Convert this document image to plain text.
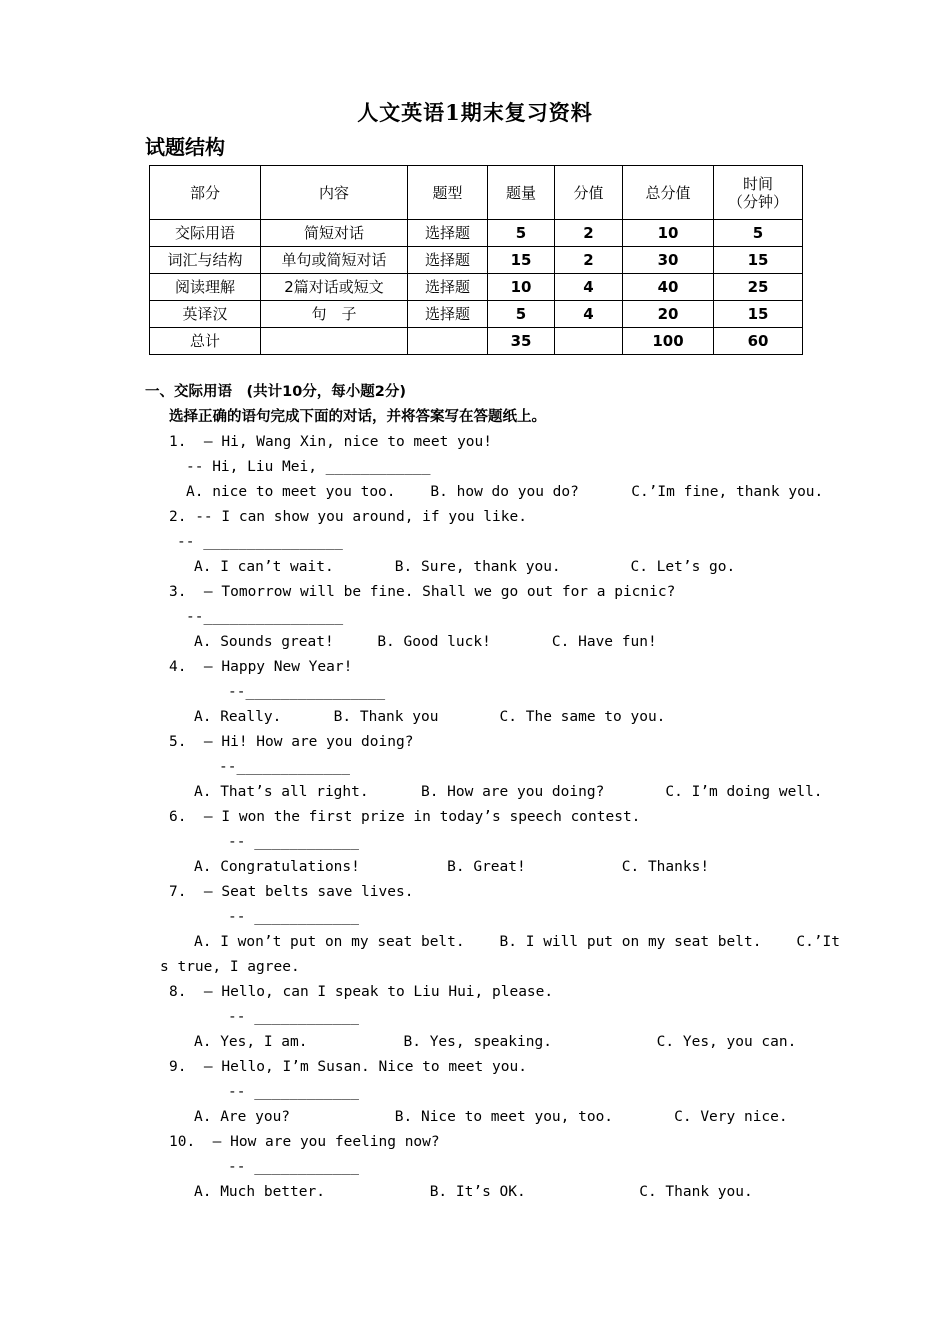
人文英语1期末复习资料
试题结构
部分	内容	题型	题量	分值	总分值	时间
（分钟）
交际用语	简短对话	选择题	5	2	10	5
词汇与结构	单句或简短对话	选择题	15	2	30	15
阅读理解	2篇对话或短文	选择题	10	4	40	25
英译汉	句　子	选择题	5	4	20	15
总计			35		100	60
一、交际用语　(共计10分，每小题2分)
选择正确的语句完成下面的对话，并将答案写在答题纸上。
1.  – Hi, Wang Xin, nice to meet you!
-- Hi, Liu Mei, ____________
A. nice to meet you too.    B. how do you do?      C.’Im fine, thank you.
2. -- I can show you around, if you like.
-- ________________
A. I can’t wait.       B. Sure, thank you.        C. Let’s go.
3.  – Tomorrow will be fine. Shall we go out for a picnic?
--________________
A. Sounds great!     B. Good luck!       C. Have fun!
4.  – Happy New Year!
--________________
A. Really.      B. Thank you       C. The same to you.
5.  – Hi! How are you doing?
--_____________
A. That’s all right.      B. How are you doing?       C. I’m doing well.
6.  – I won the first prize in today’s speech contest.
-- ____________
A. Congratulations!          B. Great!           C. Thanks!
7.  – Seat belts save lives.
-- ____________
A. I won’t put on my seat belt.    B. I will put on my seat belt.    C.’It
s true, I agree.
8.  – Hello, can I speak to Liu Hui, please.
-- ____________
A. Yes, I am.           B. Yes, speaking.            C. Yes, you can.
9.  – Hello, I’m Susan. Nice to meet you.
-- ____________
A. Are you?            B. Nice to meet you, too.       C. Very nice.
10.  – How are you feeling now?
-- ____________
A. Much better.            B. It’s OK.             C. Thank you.
